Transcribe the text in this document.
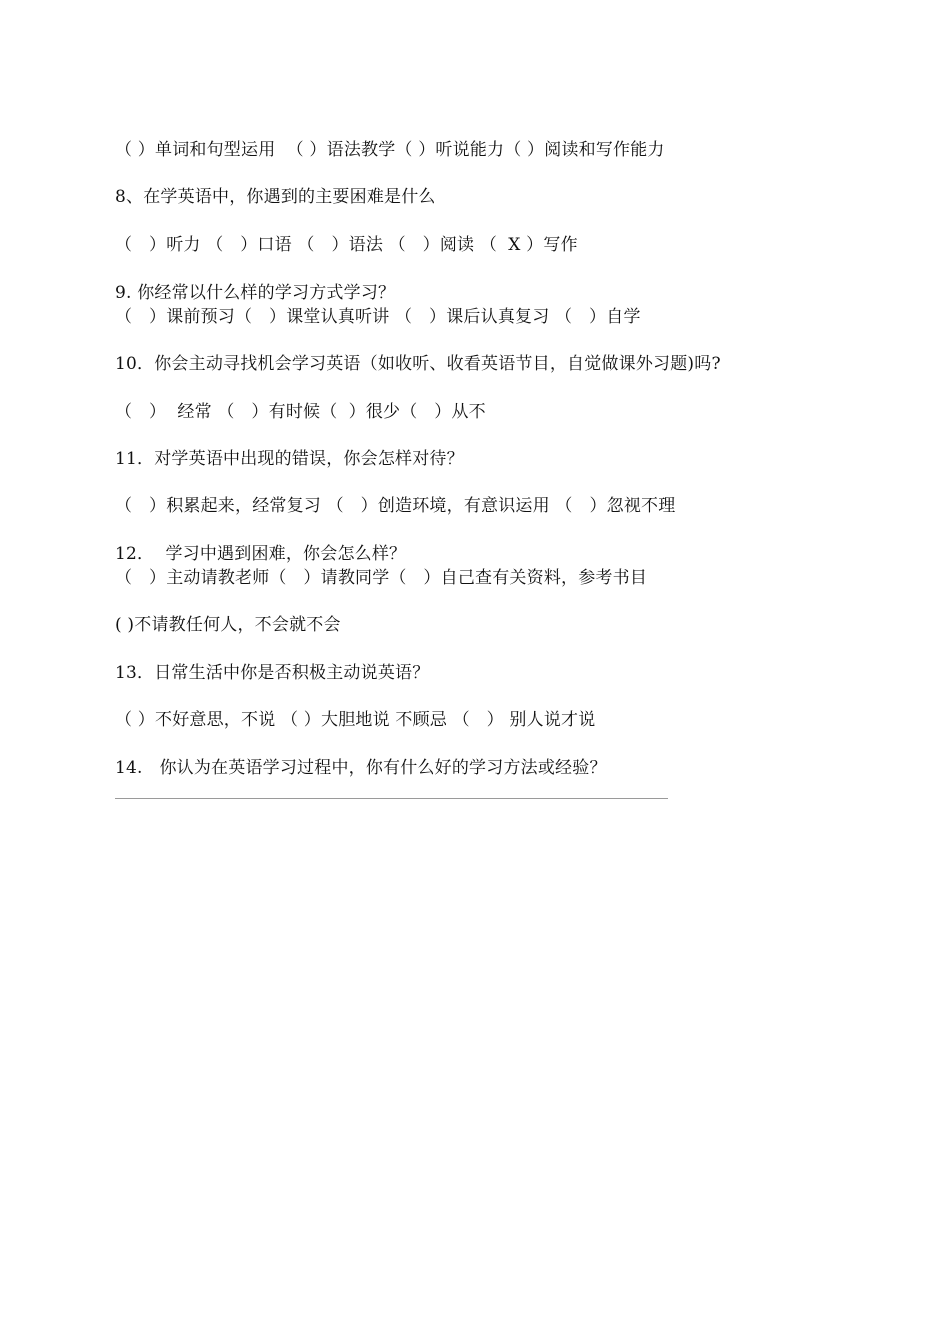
（ ）单词和句型运用  （ ）语法教学（ ）听说能力（ ）阅读和写作能力
8、在学英语中，你遇到的主要困难是什么
（   ）听力 （   ）口语 （   ）语法 （   ）阅读 （  X ）写作
9. 你经常以什么样的学习方式学习？
（   ）课前预习（   ）课堂认真听讲 （   ）课后认真复习 （   ）自学
10．你会主动寻找机会学习英语（如收听、收看英语节目，自觉做课外习题)吗?
（   ）  经常 （   ）有时候（  ）很少（   ）从不
11．对学英语中出现的错误，你会怎样对待？
（   ）积累起来，经常复习 （   ）创造环境，有意识运用 （   ）忽视不理
12．  学习中遇到困难，你会怎么样？
（   ）主动请教老师（   ）请教同学（   ）自己查有关资料，参考书目
( )不请教任何人，不会就不会
13．日常生活中你是否积极主动说英语？
（ ）不好意思，不说 （ ）大胆地说 不顾忌 （   ） 别人说才说
14.   你认为在英语学习过程中，你有什么好的学习方法或经验？
